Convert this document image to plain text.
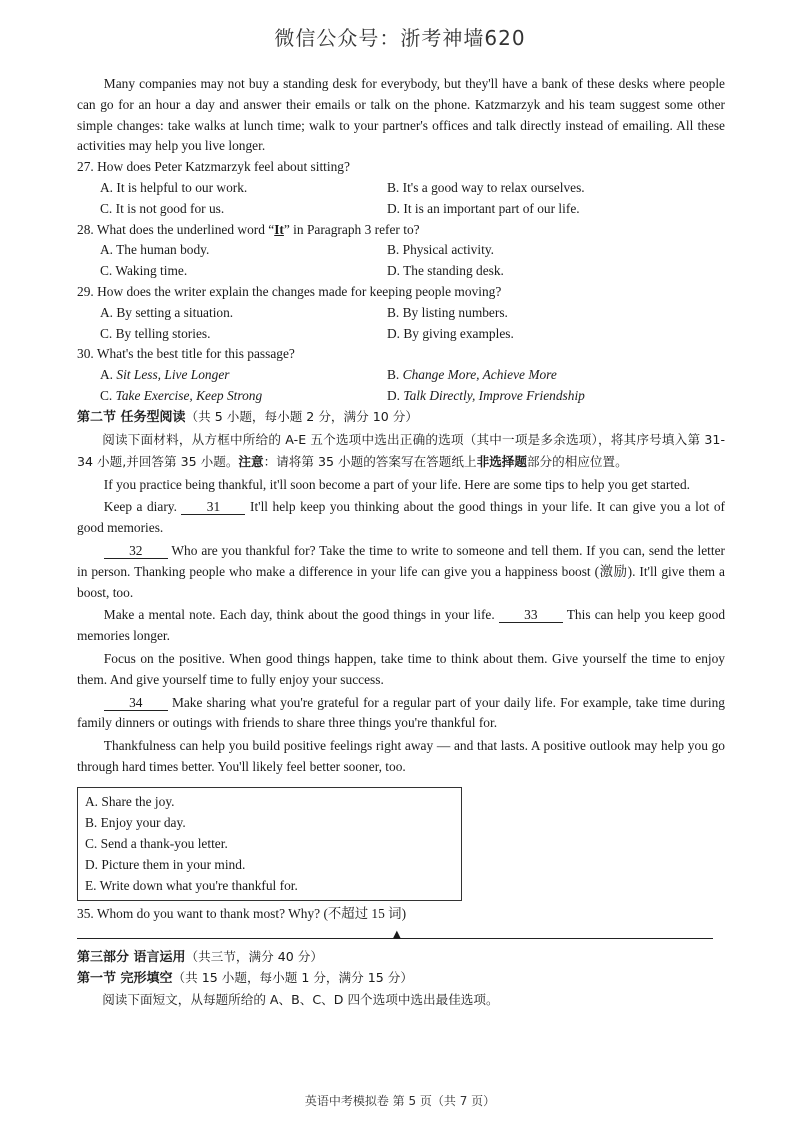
微信公众号：浙考神墙620

Many companies may not buy a standing desk for everybody, but they'll have a bank of these desks where people can go for an hour a day and answer their emails or talk on the phone. Katzmarzyk and his team suggest some other simple changes: take walks at lunch time; walk to your partner's offices and talk directly instead of emailing. All these activities may help you live longer.

27. How does Peter Katzmarzyk feel about sitting?

A. It is helpful to our work.	B. It's a good way to relax ourselves.
C. It is not good for us.	D. It is an important part of our life.

28. What does the underlined word “It” in Paragraph 3 refer to?

A. The human body.	B. Physical activity.
C. Waking time.	D. The standing desk.

29. How does the writer explain the changes made for keeping people moving?

A. By setting a situation.	B. By listing numbers.
C. By telling stories.	D. By giving examples.

30. What's the best title for this passage?

A. Sit Less, Live Longer	B. Change More, Achieve More
C. Take Exercise, Keep Strong	D. Talk Directly, Improve Friendship

第二节 任务型阅读（共 5 小题，每小题 2 分，满分 10 分）

阅读下面材料，从方框中所给的 A-E 五个选项中选出正确的选项（其中一项是多余选项），将其序号填入第 31-34 小题,并回答第 35 小题。注意：请将第 35 小题的答案写在答题纸上非选择题部分的相应位置。

If you practice being thankful, it'll soon become a part of your life. Here are some tips to help you get started.

Keep a diary. 31 It'll help keep you thinking about the good things in your life. It can give you a lot of good memories.

32 Who are you thankful for? Take the time to write to someone and tell them. If you can, send the letter in person. Thanking people who make a difference in your life can give you a happiness boost (激励). It'll give them a boost, too.

Make a mental note. Each day, think about the good things in your life. 33 This can help you keep good memories longer.

Focus on the positive. When good things happen, take time to think about them. Give yourself the time to enjoy them. And give yourself time to fully enjoy your success.

34 Make sharing what you're grateful for a regular part of your daily life. For example, take time during family dinners or outings with friends to share three things you're thankful for.

Thankfulness can help you build positive feelings right away — and that lasts. A positive outlook may help you go through hard times better. You'll likely feel better sooner, too.

A. Share the joy.

B. Enjoy your day.

C. Send a thank-you letter.

D. Picture them in your mind.

E. Write down what you're thankful for.

35. Whom do you want to thank most? Why? (不超过 15 词)

▲

第三部分 语言运用（共三节，满分 40 分）

第一节 完形填空（共 15 小题，每小题 1 分，满分 15 分）

阅读下面短文，从每题所给的 A、B、C、D 四个选项中选出最佳选项。

英语中考模拟卷 第 5 页（共 7 页）
